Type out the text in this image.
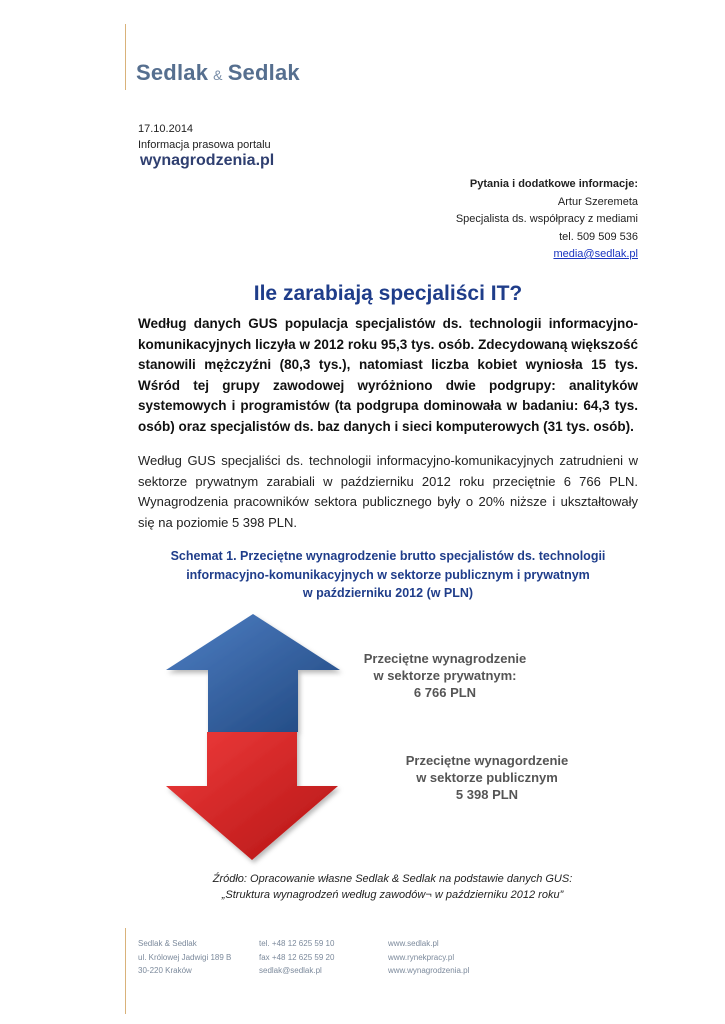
Sedlak & Sedlak
17.10.2014
Informacja prasowa portalu
wynagrodzenia.pl
Pytania i dodatkowe informacje:
Artur Szeremeta
Specjalista ds. współpracy z mediami
tel. 509 509 536
media@sedlak.pl
Ile zarabiają specjaliści IT?
Według danych GUS populacja specjalistów ds. technologii informacyjno-komunikacyjnych liczyła w 2012 roku 95,3 tys. osób. Zdecydowaną większość stanowili mężczyźni (80,3 tys.), natomiast liczba kobiet wyniosła 15 tys. Wśród tej grupy zawodowej wyróżniono dwie podgrupy: analityków systemowych i programistów (ta podgrupa dominowała w badaniu: 64,3 tys. osób) oraz specjalistów ds. baz danych i sieci komputerowych (31 tys. osób).
Według GUS specjaliści ds. technologii informacyjno-komunikacyjnych zatrudnieni w sektorze prywatnym zarabiali w październiku 2012 roku przeciętnie 6 766 PLN. Wynagrodzenia pracowników sektora publicznego były o 20% niższe i ukształtowały się na poziomie 5 398 PLN.
Schemat 1. Przeciętne wynagrodzenie brutto specjalistów ds. technologii
informacyjno-komunikacyjnych w sektorze publicznym i prywatnym
w październiku 2012 (w PLN)
Przeciętne wynagrodzenie
w sektorze prywatnym:
6 766 PLN
Przeciętne wynagordzenie
w sektorze publicznym
5 398 PLN
Źródło: Opracowanie własne Sedlak & Sedlak na podstawie danych GUS:
„Struktura wynagrodzeń według zawodów¬ w październiku 2012 roku”
Sedlak & Sedlak
ul. Królowej Jadwigi 189 B
30-220 Kraków
tel. +48 12 625 59 10
fax +48 12 625 59 20
sedlak@sedlak.pl
www.sedlak.pl
www.rynekpracy.pl
www.wynagrodzenia.pl
